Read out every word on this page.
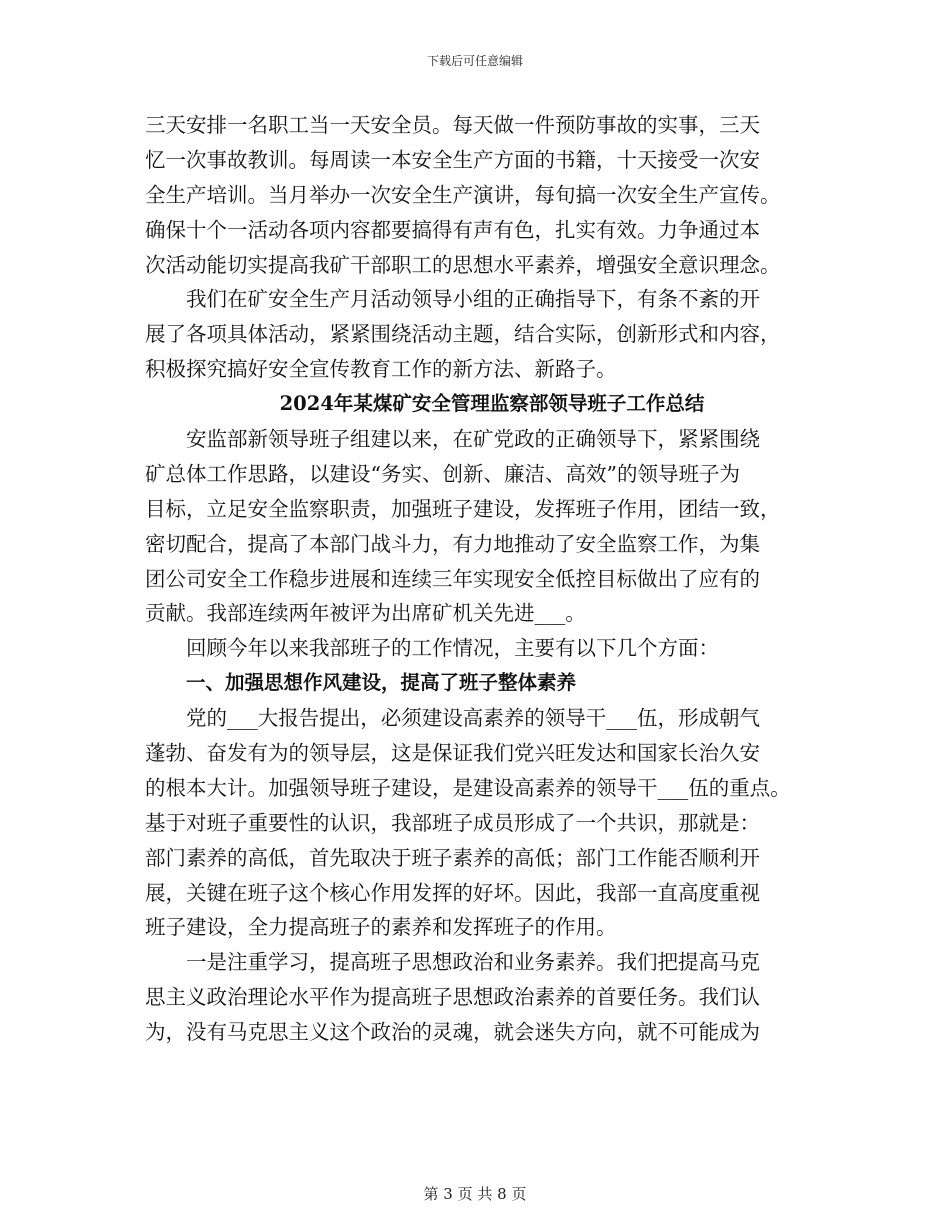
下载后可任意编辑
三天安排一名职工当一天安全员。每天做一件预防事故的实事，三天
忆一次事故教训。每周读一本安全生产方面的书籍，十天接受一次安
全生产培训。当月举办一次安全生产演讲，每旬搞一次安全生产宣传。
确保十个一活动各项内容都要搞得有声有色，扎实有效。力争通过本
次活动能切实提高我矿干部职工的思想水平素养，增强安全意识理念。
我们在矿安全生产月活动领导小组的正确指导下，有条不紊的开
展了各项具体活动，紧紧围绕活动主题，结合实际，创新形式和内容，
积极探究搞好安全宣传教育工作的新方法、新路子。
2024年某煤矿安全管理监察部领导班子工作总结
安监部新领导班子组建以来，在矿党政的正确领导下，紧紧围绕
矿总体工作思路，以建设“务实、创新、廉洁、高效”的领导班子为
目标，立足安全监察职责，加强班子建设，发挥班子作用，团结一致，
密切配合，提高了本部门战斗力，有力地推动了安全监察工作，为集
团公司安全工作稳步进展和连续三年实现安全低控目标做出了应有的
贡献。我部连续两年被评为出席矿机关先进___。
回顾今年以来我部班子的工作情况，主要有以下几个方面：
一、加强思想作风建设，提高了班子整体素养
党的___大报告提出，必须建设高素养的领导干___伍，形成朝气
蓬勃、奋发有为的领导层，这是保证我们党兴旺发达和国家长治久安
的根本大计。加强领导班子建设，是建设高素养的领导干___伍的重点。
基于对班子重要性的认识，我部班子成员形成了一个共识，那就是：
部门素养的高低，首先取决于班子素养的高低；部门工作能否顺利开
展，关键在班子这个核心作用发挥的好坏。因此，我部一直高度重视
班子建设，全力提高班子的素养和发挥班子的作用。
一是注重学习，提高班子思想政治和业务素养。我们把提高马克
思主义政治理论水平作为提高班子思想政治素养的首要任务。我们认
为，没有马克思主义这个政治的灵魂，就会迷失方向，就不可能成为
第 3 页 共 8 页
